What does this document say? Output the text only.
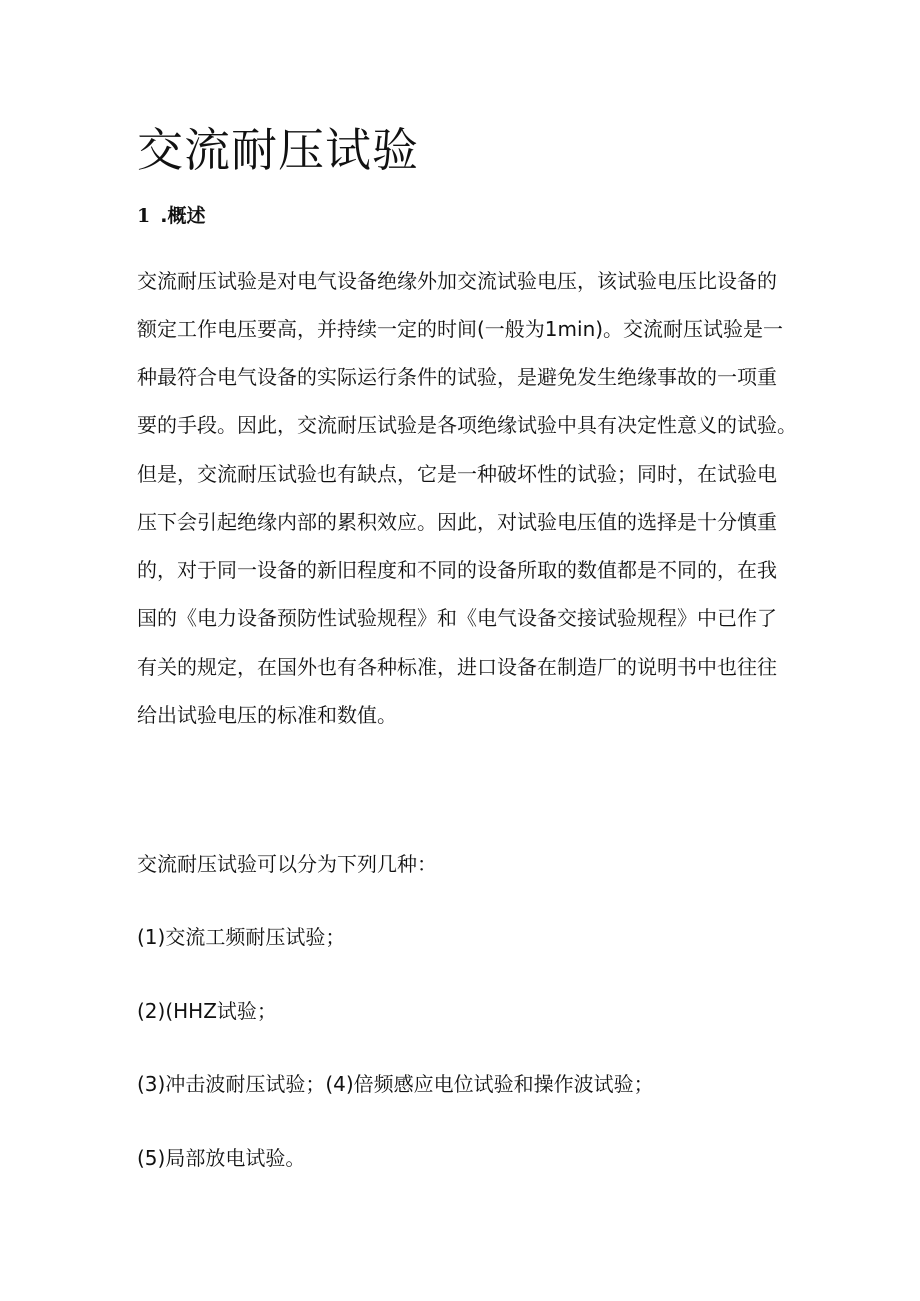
交流耐压试验
1 .概述

交流耐压试验是对电气设备绝缘外加交流试验电压，该试验电压比设备的

额定工作电压要高，并持续一定的时间(一般为1min)。交流耐压试验是一

种最符合电气设备的实际运行条件的试验，是避免发生绝缘事故的一项重

要的手段。因此，交流耐压试验是各项绝缘试验中具有决定性意义的试验。

但是，交流耐压试验也有缺点，它是一种破坏性的试验；同时，在试验电

压下会引起绝缘内部的累积效应。因此，对试验电压值的选择是十分慎重

的，对于同一设备的新旧程度和不同的设备所取的数值都是不同的，在我

国的《电力设备预防性试验规程》和《电气设备交接试验规程》中已作了

有关的规定，在国外也有各种标准，进口设备在制造厂的说明书中也往往

给出试验电压的标准和数值。

交流耐压试验可以分为下列几种：

(1)交流工频耐压试验；

(2)(HHZ试验；

(3)冲击波耐压试验；(4)倍频感应电位试验和操作波试验；

(5)局部放电试验。
